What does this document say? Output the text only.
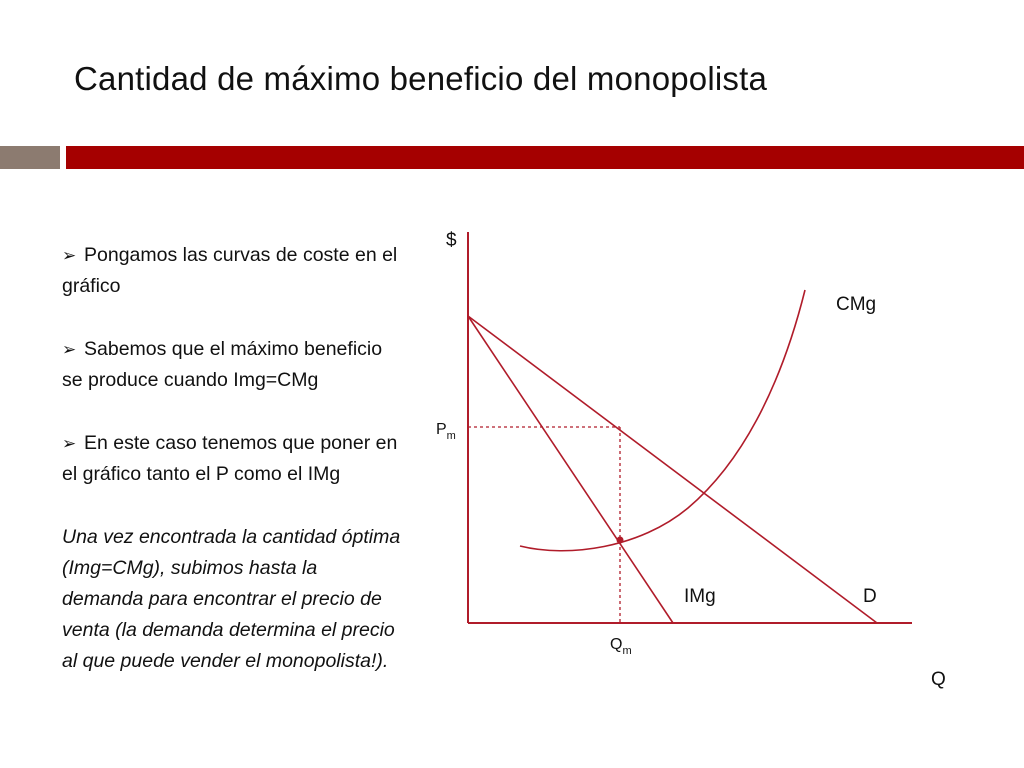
Cantidad de máximo beneficio del monopolista

➢ Pongamos las curvas de coste en el gráfico

➢ Sabemos que el máximo beneficio se produce cuando Img=CMg

➢ En este caso tenemos que poner en el gráfico tanto el P como el IMg

Una vez encontrada la cantidad óptima (Img=CMg), subimos hasta la demanda para encontrar el precio de venta (la demanda determina el precio al que puede vender el monopolista!).

$
Q
CMg
IMg	D
$P_m$
$Q_m$
